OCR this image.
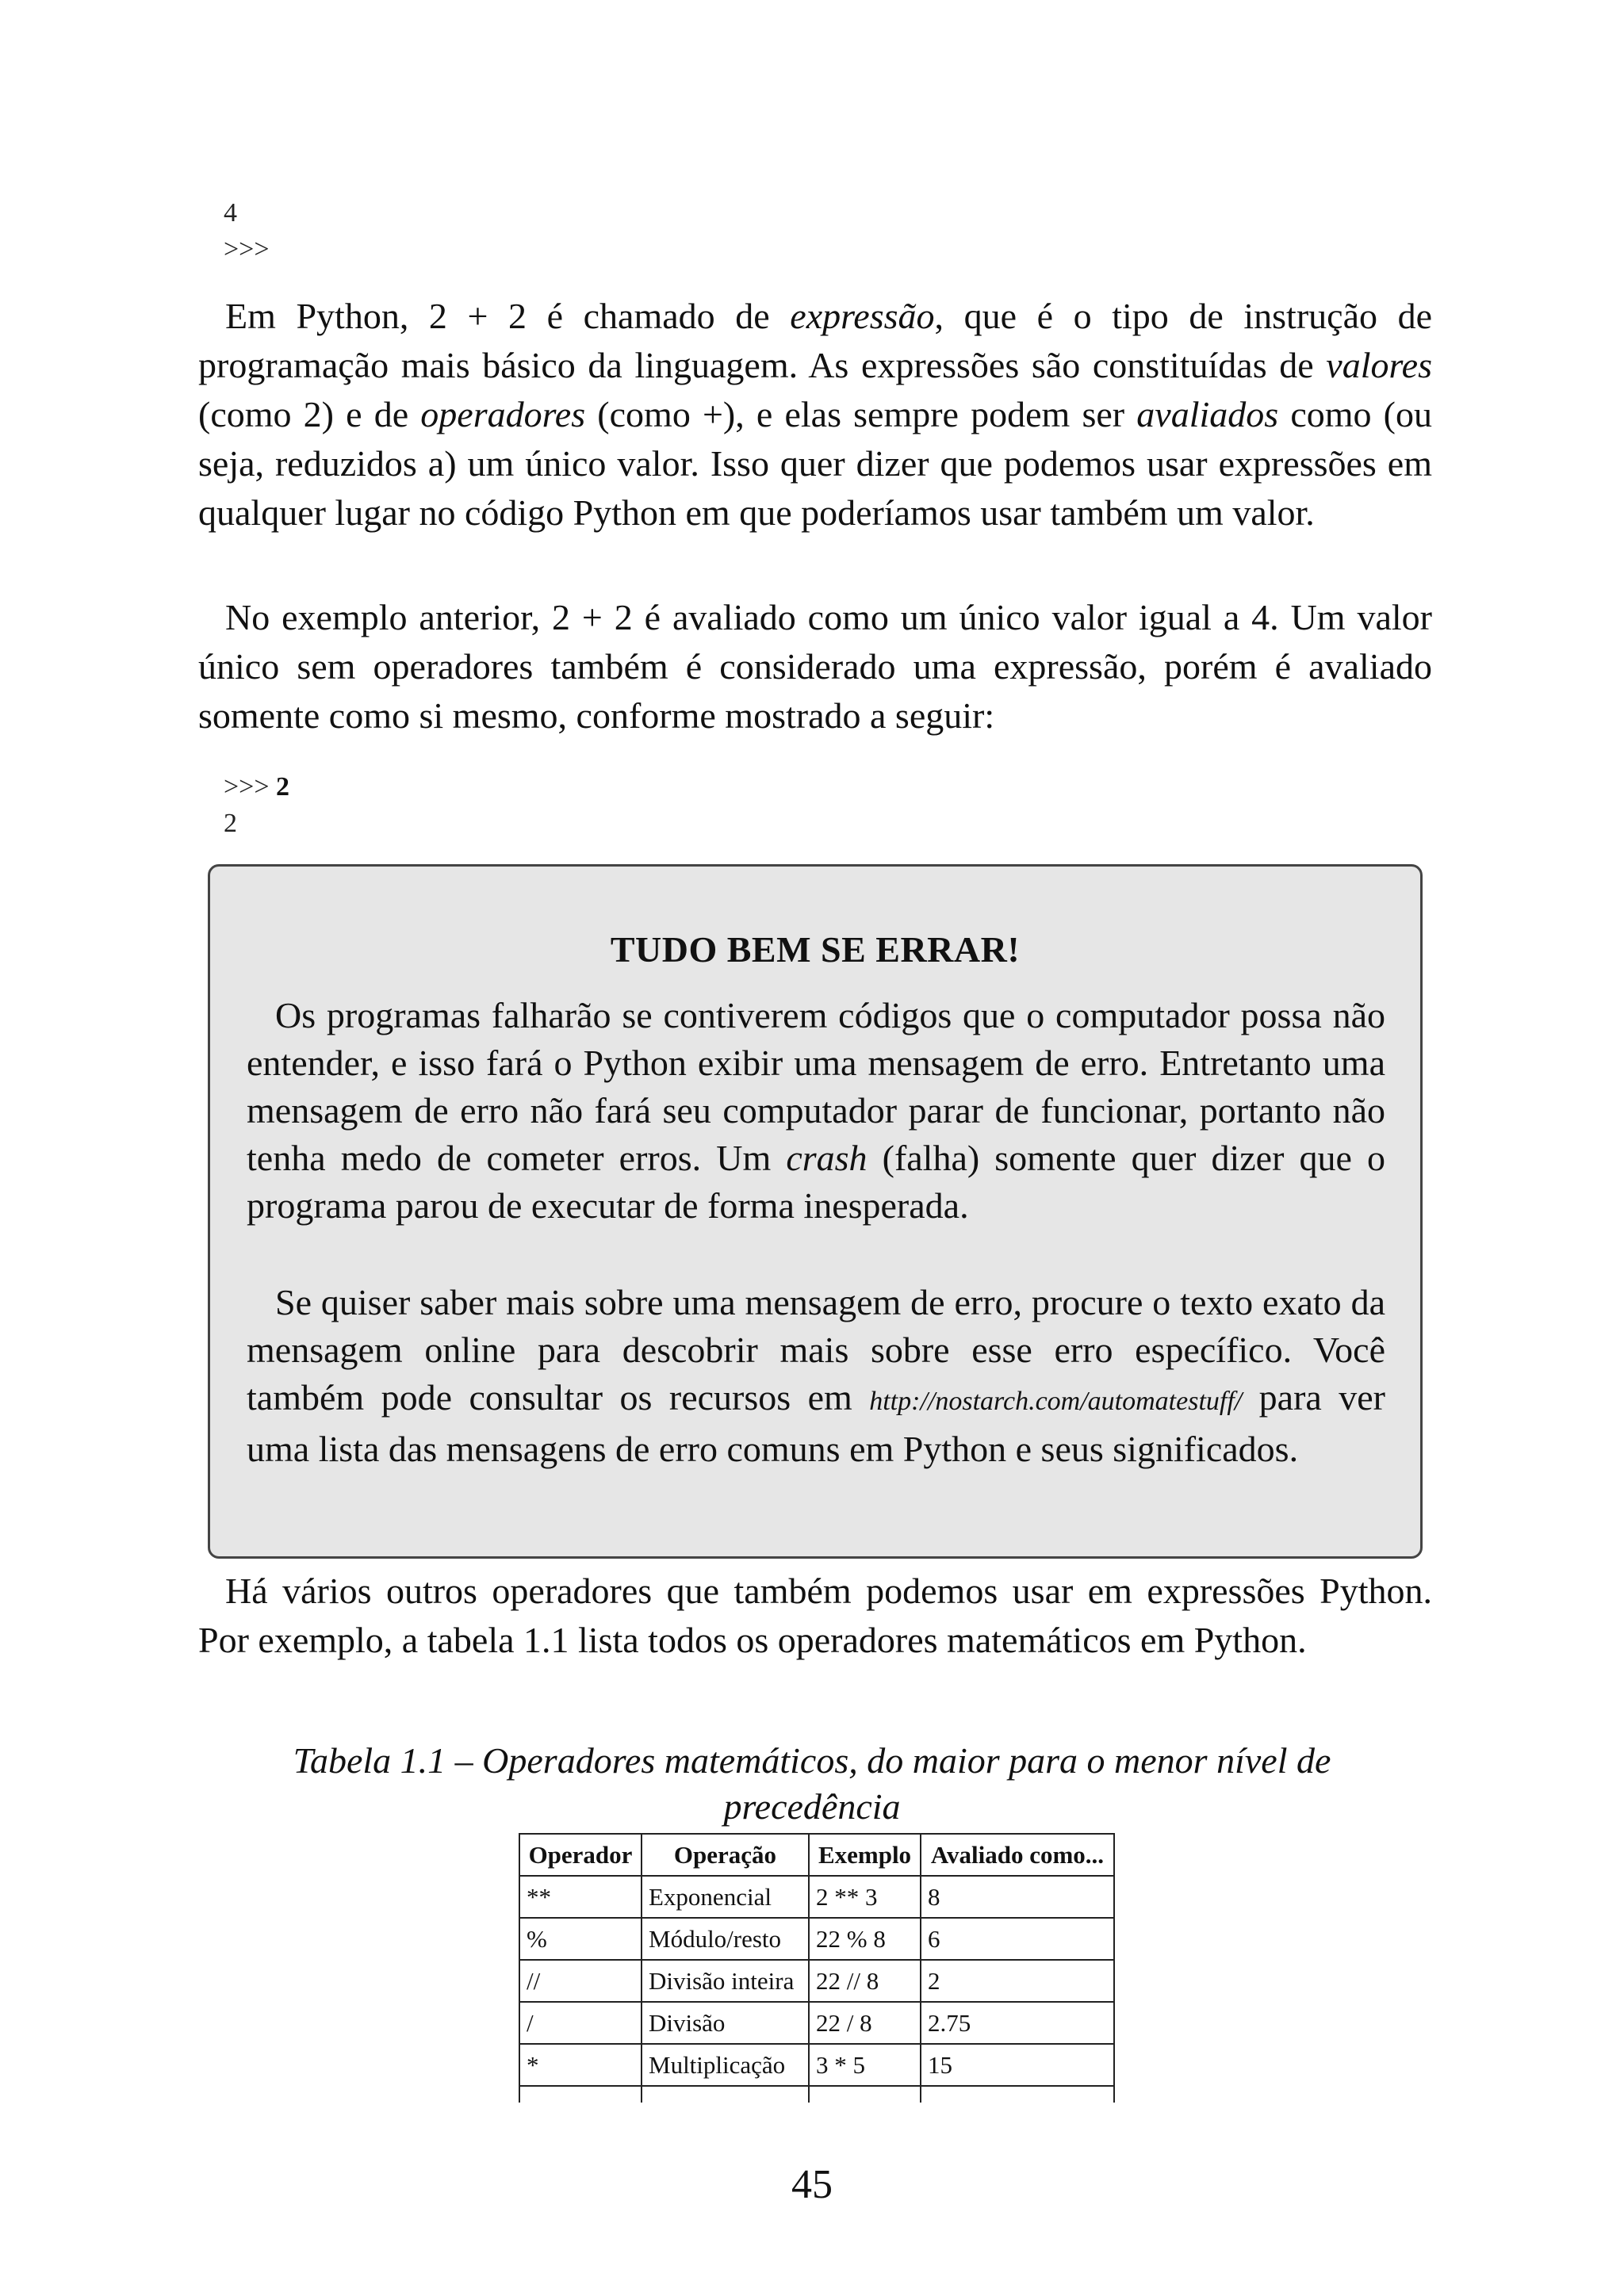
4
>>>

Em Python, 2 + 2 é chamado de expressão, que é o tipo de instrução de programação mais básico da linguagem. As expressões são constituídas de valores (como 2) e de operadores (como +), e elas sempre podem ser avaliados como (ou seja, reduzidos a) um único valor. Isso quer dizer que podemos usar expressões em qualquer lugar no código Python em que poderíamos usar também um valor.

No exemplo anterior, 2 + 2 é avaliado como um único valor igual a 4. Um valor único sem operadores também é considerado uma expressão, porém é avaliado somente como si mesmo, conforme mostrado a seguir:

>>> 2
2
TUDO BEM SE ERRAR!

Os programas falharão se contiverem códigos que o computador possa não entender, e isso fará o Python exibir uma mensagem de erro. Entretanto uma mensagem de erro não fará seu computador parar de funcionar, portanto não tenha medo de cometer erros. Um crash (falha) somente quer dizer que o programa parou de executar de forma inesperada.

Se quiser saber mais sobre uma mensagem de erro, procure o texto exato da mensagem online para descobrir mais sobre esse erro específico. Você também pode consultar os recursos em http://nostarch.com/automatestuff/ para ver uma lista das mensagens de erro comuns em Python e seus significados.

Há vários outros operadores que também podemos usar em expressões Python. Por exemplo, a tabela 1.1 lista todos os operadores matemáticos em Python.

Tabela 1.1 – Operadores matemáticos, do maior para o menor nível de precedência
Operador	Operação	Exemplo	Avaliado como...
**	Exponencial	2 ** 3	8
%	Módulo/resto	22 % 8	6
//	Divisão inteira	22 // 8	2
/	Divisão	22 / 8	2.75
*	Multiplicação	3 * 5	15

45
